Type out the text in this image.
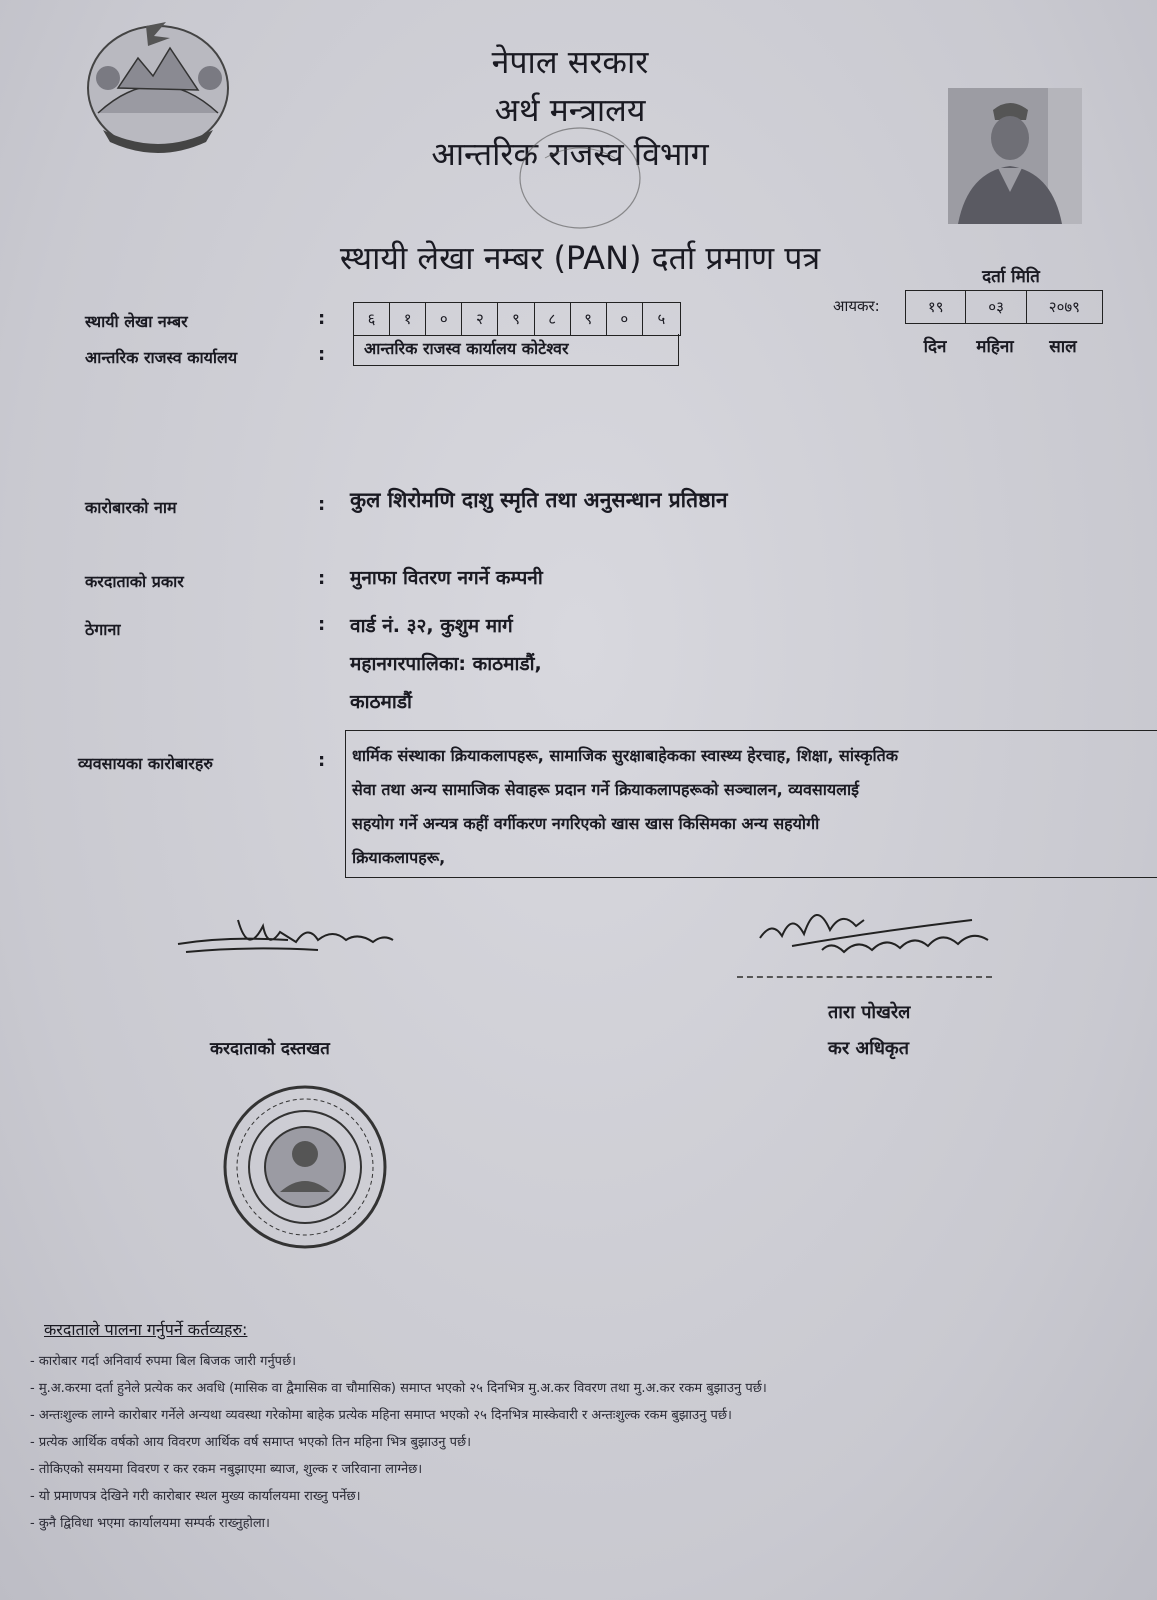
नेपाल सरकार
अर्थ मन्त्रालय
आन्तरिक राजस्व विभाग
स्थायी लेखा नम्बर (PAN) दर्ता प्रमाण पत्र	दर्ता मिति
आयकर:	१९	०३	२०७९
दिन	महिना	साल
स्थायी लेखा नम्बर	:	६	१	०	२	९	८	९	०	५
आन्तरिक राजस्व कार्यालय	:	आन्तरिक राजस्व कार्यालय कोटेश्वर
कारोबारको नाम	: कुल शिरोमणि दाशु स्मृति तथा अनुसन्धान प्रतिष्ठान
करदाताको प्रकार	: मुनाफा वितरण नगर्ने कम्पनी
ठेगाना	: वार्ड नं. ३२, कुशुम मार्ग
महानगरपालिका: काठमाडौं,
काठमाडौं
व्यवसायका कारोबारहरु	: धार्मिक संस्थाका क्रियाकलापहरू, सामाजिक सुरक्षाबाहेकका स्वास्थ्य हेरचाह, शिक्षा, सांस्कृतिक
सेवा तथा अन्य सामाजिक सेवाहरू प्रदान गर्ने क्रियाकलापहरूको सञ्चालन, व्यवसायलाई
सहयोग गर्ने अन्यत्र कहीं वर्गीकरण नगरिएको खास खास किसिमका अन्य सहयोगी
क्रियाकलापहरू,
करदाताको दस्तखत
तारा पोखरेल
कर अधिकृत
करदाताले पालना गर्नुपर्ने कर्तव्यहरु:
- कारोबार गर्दा अनिवार्य रुपमा बिल बिजक जारी गर्नुपर्छ।
- मु.अ.करमा दर्ता हुनेले प्रत्येक कर अवधि (मासिक वा द्वैमासिक वा चौमासिक) समाप्त भएको २५ दिनभित्र मु.अ.कर विवरण तथा मु.अ.कर रकम बुझाउनु पर्छ।
- अन्तःशुल्क लाग्ने कारोबार गर्नेले अन्यथा व्यवस्था गरेकोमा बाहेक प्रत्येक महिना समाप्त भएको २५ दिनभित्र मास्केवारी र अन्तःशुल्क रकम बुझाउनु पर्छ।
- प्रत्येक आर्थिक वर्षको आय विवरण आर्थिक वर्ष समाप्त भएको तिन महिना भित्र बुझाउनु पर्छ।
- तोकिएको समयमा विवरण र कर रकम नबुझाएमा ब्याज, शुल्क र जरिवाना लाग्नेछ।
- यो प्रमाणपत्र देखिने गरी कारोबार स्थल मुख्य कार्यालयमा राख्नु पर्नेछ।
- कुनै द्विविधा भएमा कार्यालयमा सम्पर्क राख्नुहोला।
